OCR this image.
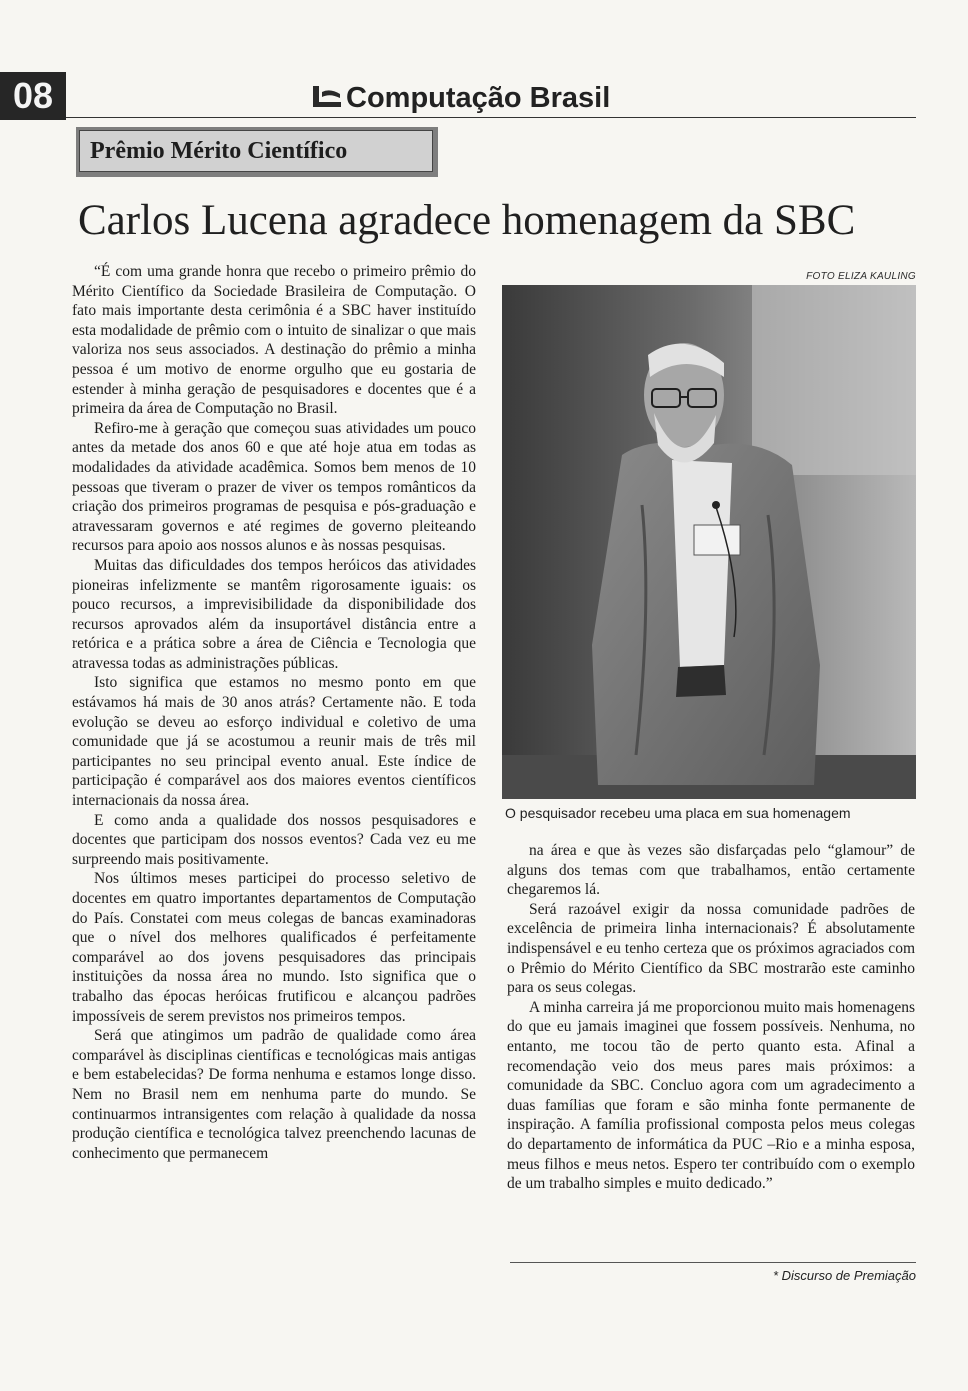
08	Computação Brasil
Prêmio Mérito Científico
Carlos Lucena agradece homenagem da SBC

“É com uma grande honra que recebo o primeiro prêmio do Mérito Científico da Sociedade Brasileira de Computação. O fato mais importante desta cerimônia é a SBC haver instituído esta modalidade de prêmio com o intuito de sinalizar o que mais valoriza nos seus associados. A destinação do prêmio a minha pessoa é um motivo de enorme orgulho que eu gostaria de estender à minha geração de pesquisadores e docentes que é a primeira da área de Computação no Brasil.

Refiro-me à geração que começou suas atividades um pouco antes da metade dos anos 60 e que até hoje atua em todas as modalidades da atividade acadêmica. Somos bem menos de 10 pessoas que tiveram o prazer de viver os tempos românticos da criação dos primeiros programas de pesquisa e pós-graduação e atravessaram governos e até regimes de governo pleiteando recursos para apoio aos nossos alunos e às nossas pesquisas.

Muitas das dificuldades dos tempos heróicos das atividades pioneiras infelizmente se mantêm rigorosamente iguais: os pouco recursos, a imprevisibilidade da disponibilidade dos recursos aprovados além da insuportável distância entre a retórica e a prática sobre a área de Ciência e Tecnologia que atravessa todas as administrações públicas.

Isto significa que estamos no mesmo ponto em que estávamos há mais de 30 anos atrás? Certamente não. E toda evolução se deveu ao esforço individual e coletivo de uma comunidade que já se acostumou a reunir mais de três mil participantes no seu principal evento anual. Este índice de participação é comparável aos dos maiores eventos científicos internacionais da nossa área.

E como anda a qualidade dos nossos pesquisadores e docentes que participam dos nossos eventos? Cada vez eu me surpreendo mais positivamente.

Nos últimos meses participei do processo seletivo de docentes em quatro importantes departamentos de Computação do País. Constatei com meus colegas de bancas examinadoras que o nível dos melhores qualificados é perfeitamente comparável ao dos jovens pesquisadores das principais instituições da nossa área no mundo. Isto significa que o trabalho das épocas heróicas frutificou e alcançou padrões impossíveis de serem previstos nos primeiros tempos.

Será que atingimos um padrão de qualidade como área comparável às disciplinas científicas e tecnológicas mais antigas e bem estabelecidas? De forma nenhuma e estamos longe disso. Nem no Brasil nem em nenhuma parte do mundo. Se continuarmos intransigentes com relação à qualidade da nossa produção científica e tecnológica talvez preenchendo lacunas de conhecimento que permanecem

FOTO ELIZA KAULING
O pesquisador recebeu uma placa em sua homenagem

na área e que às vezes são disfarçadas pelo “glamour” de alguns dos temas com que trabalhamos, então certamente chegaremos lá.

Será razoável exigir da nossa comunidade padrões de excelência de primeira linha internacionais? É absolutamente indispensável e eu tenho certeza que os próximos agraciados com o Prêmio do Mérito Científico da SBC mostrarão este caminho para os seus colegas.

A minha carreira já me proporcionou muito mais homenagens do que eu jamais imaginei que fossem possíveis. Nenhuma, no entanto, me tocou tão de perto quanto esta. Afinal a recomendação veio dos meus pares mais próximos: a comunidade da SBC. Concluo agora com um agradecimento a duas famílias que foram e são minha fonte permanente de inspiração. A família profissional composta pelos meus colegas do departamento de informática da PUC –Rio e a minha esposa, meus filhos e meus netos. Espero ter contribuído com o exemplo de um trabalho simples e muito dedicado.”

* Discurso de Premiação
